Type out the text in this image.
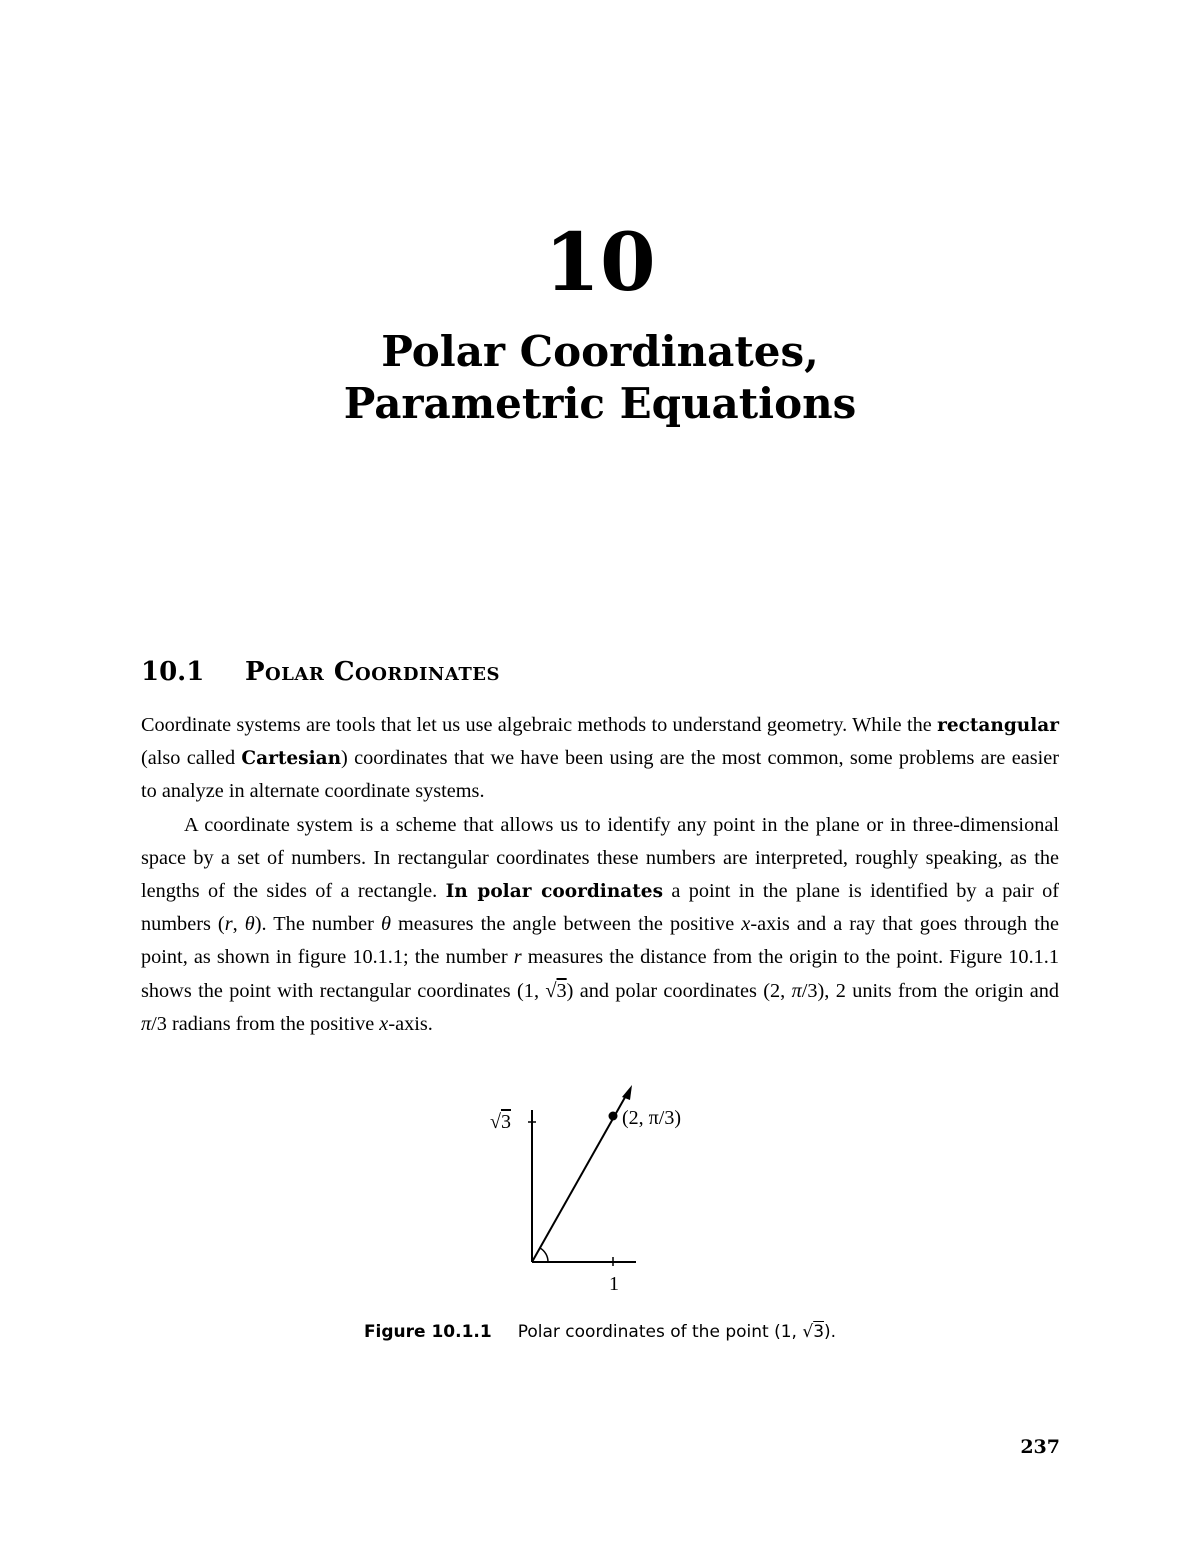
10
Polar Coordinates,
Parametric Equations
10.1 Polar Coordinates

Coordinate systems are tools that let us use algebraic methods to understand geometry. While the rectangular (also called Cartesian) coordinates that we have been using are the most common, some problems are easier to analyze in alternate coordinate systems.

A coordinate system is a scheme that allows us to identify any point in the plane or in three-dimensional space by a set of numbers. In rectangular coordinates these numbers are interpreted, roughly speaking, as the lengths of the sides of a rectangle. In polar coordinates a point in the plane is identified by a pair of numbers (r, θ). The number θ measures the angle between the positive x-axis and a ray that goes through the point, as shown in figure 10.1.1; the number r measures the distance from the origin to the point. Figure 10.1.1 shows the point with rectangular coordinates (1, √3) and polar coordinates (2, π/3), 2 units from the origin and π/3 radians from the positive x-axis.

√3
1
(2, π/3)
Figure 10.1.1 Polar coordinates of the point (1, √3).
237
